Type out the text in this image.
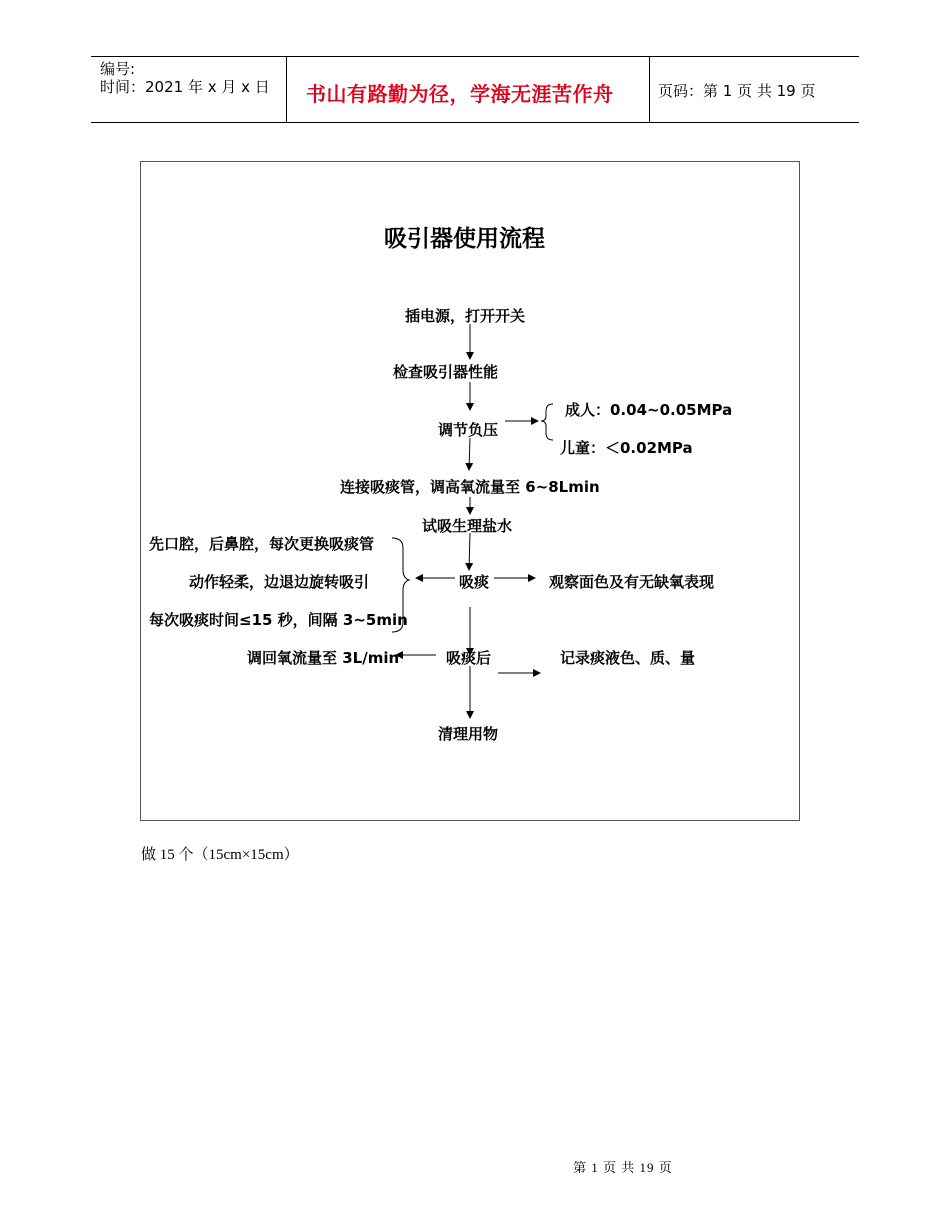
编号:
时间：2021 年 x 月 x 日 书山有路勤为径，学海无涯苦作舟	页码：第 1 页 共 19 页
吸引器使用流程
插电源，打开开关
检查吸引器性能
调节负压
成人：0.04~0.05MPa
儿童：＜0.02MPa
连接吸痰管，调高氧流量至 6~8Lmin
试吸生理盐水
吸痰	观察面色及有无缺氧表现
先口腔，后鼻腔，每次更换吸痰管
动作轻柔，边退边旋转吸引
每次吸痰时间≤15 秒，间隔 3~5min
吸痰后
调回氧流量至 3L/min	记录痰液色、质、量
清理用物
做 15 个（15cm×15cm）
第 1 页 共 19 页
